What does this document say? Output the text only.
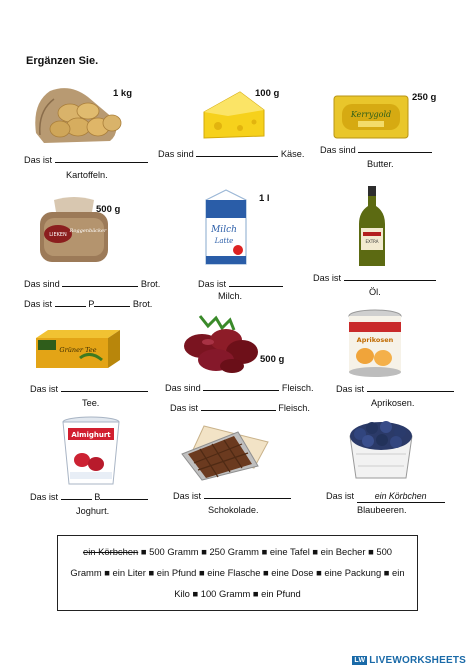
Ergänzen Sie.
1 kg
Das ist
Kartoffeln.
100 g
Das sind	Käse.
Kerrygold
250 g
Das sind
Butter.
LIEKEN
Roggenbäcker
500 g
Das sind	Brot.
Das ist	P	Brot.
Milch
Latte
1 l
Das ist
Milch.
EXTRA
Das ist
Öl.
Grüner Tee
Das ist
Tee.
500 g
Das sind	Fleisch.
Das ist	Fleisch.
Aprikosen
Das ist
Aprikosen.
Almighurt
Das ist	B
Joghurt.
Das ist
Schokolade.
Das ist ein Körbchen
Blaubeeren.
ein Körbchen ■ 500 Gramm ■ 250 Gramm ■ eine Tafel ■ ein Becher ■ 500
Gramm ■ ein Liter ■ ein Pfund ■ eine Flasche ■ eine Dose ■ eine Packung ■ ein
Kilo ■ 100 Gramm ■ ein Pfund
LW LIVEWORKSHEETS
